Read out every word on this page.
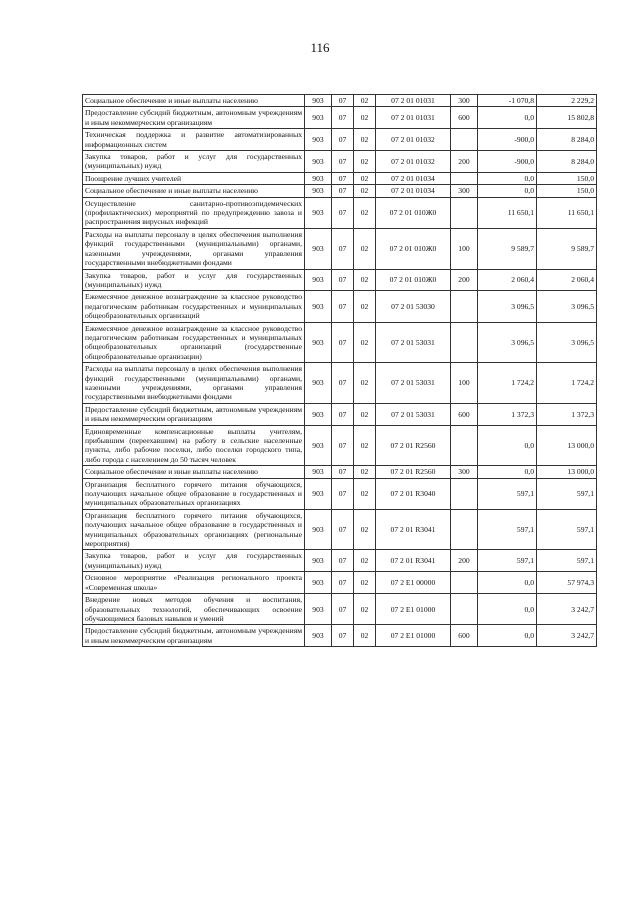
116
Социальное обеспечение и иные выплаты населению	903	07	02	07 2 01 01031	300	-1 070,8	2 229,2
Предоставление субсидий бюджетным, автономным учреждениям и иным некоммерческим организациям	903	07	02	07 2 01 01031	600	0,0	15 802,8
Техническая поддержка и развитие автоматизированных информационных систем	903	07	02	07 2 01 01032		-900,0	8 284,0
Закупка товаров, работ и услуг для государственных (муниципальных) нужд	903	07	02	07 2 01 01032	200	-900,0	8 284,0
Поощрение лучших учителей	903	07	02	07 2 01 01034		0,0	150,0
Социальное обеспечение и иные выплаты населению	903	07	02	07 2 01 01034	300	0,0	150,0
Осуществление санитарно-противоэпидемических (профилактических) мероприятий по предупреждению завоза и распространения вирусных инфекций	903	07	02	07 2 01 010Ж0		11 650,1	11 650,1
Расходы на выплаты персоналу в целях обеспечения выполнения функций государственными (муниципальными) органами, казенными учреждениями, органами управления государственными внебюджетными фондами	903	07	02	07 2 01 010Ж0	100	9 589,7	9 589,7
Закупка товаров, работ и услуг для государственных (муниципальных) нужд	903	07	02	07 2 01 010Ж0	200	2 060,4	2 060,4
Ежемесячное денежное вознаграждение за классное руководство педагогическим работникам государственных и муниципальных общеобразовательных организаций	903	07	02	07 2 01 53030		3 096,5	3 096,5
Ежемесячное денежное вознаграждение за классное руководство педагогическим работникам государственных и муниципальных общеобразовательных организаций (государственные общеобразовательные организации)	903	07	02	07 2 01 53031		3 096,5	3 096,5
Расходы на выплаты персоналу в целях обеспечения выполнения функций государственными (муниципальными) органами, казенными учреждениями, органами управления государственными внебюджетными фондами	903	07	02	07 2 01 53031	100	1 724,2	1 724,2
Предоставление субсидий бюджетным, автономным учреждениям и иным некоммерческим организациям	903	07	02	07 2 01 53031	600	1 372,3	1 372,3
Единовременные компенсационные выплаты учителям, прибывшим (переехавшим) на работу в сельские населенные пункты, либо рабочие поселки, либо поселки городского типа, либо города с населением до 50 тысяч человек	903	07	02	07 2 01 R2560		0,0	13 000,0
Социальное обеспечение и иные выплаты населению	903	07	02	07 2 01 R2560	300	0,0	13 000,0
Организация бесплатного горячего питания обучающихся, получающих начальное общее образование в государственных и муниципальных образовательных организациях	903	07	02	07 2 01 R3040		597,1	597,1
Организация бесплатного горячего питания обучающихся, получающих начальное общее образование в государственных и муниципальных образовательных организациях (региональные мероприятия)	903	07	02	07 2 01 R3041		597,1	597,1
Закупка товаров, работ и услуг для государственных (муниципальных) нужд	903	07	02	07 2 01 R3041	200	597,1	597,1
Основное мероприятие «Реализация регионального проекта «Современная школа»	903	07	02	07 2 E1 00000		0,0	57 974,3
Внедрение новых методов обучения и воспитания, образовательных технологий, обеспечивающих освоение обучающимися базовых навыков и умений	903	07	02	07 2 E1 01000		0,0	3 242,7
Предоставление субсидий бюджетным, автономным учреждениям и иным некоммерческим организациям	903	07	02	07 2 E1 01000	600	0,0	3 242,7
